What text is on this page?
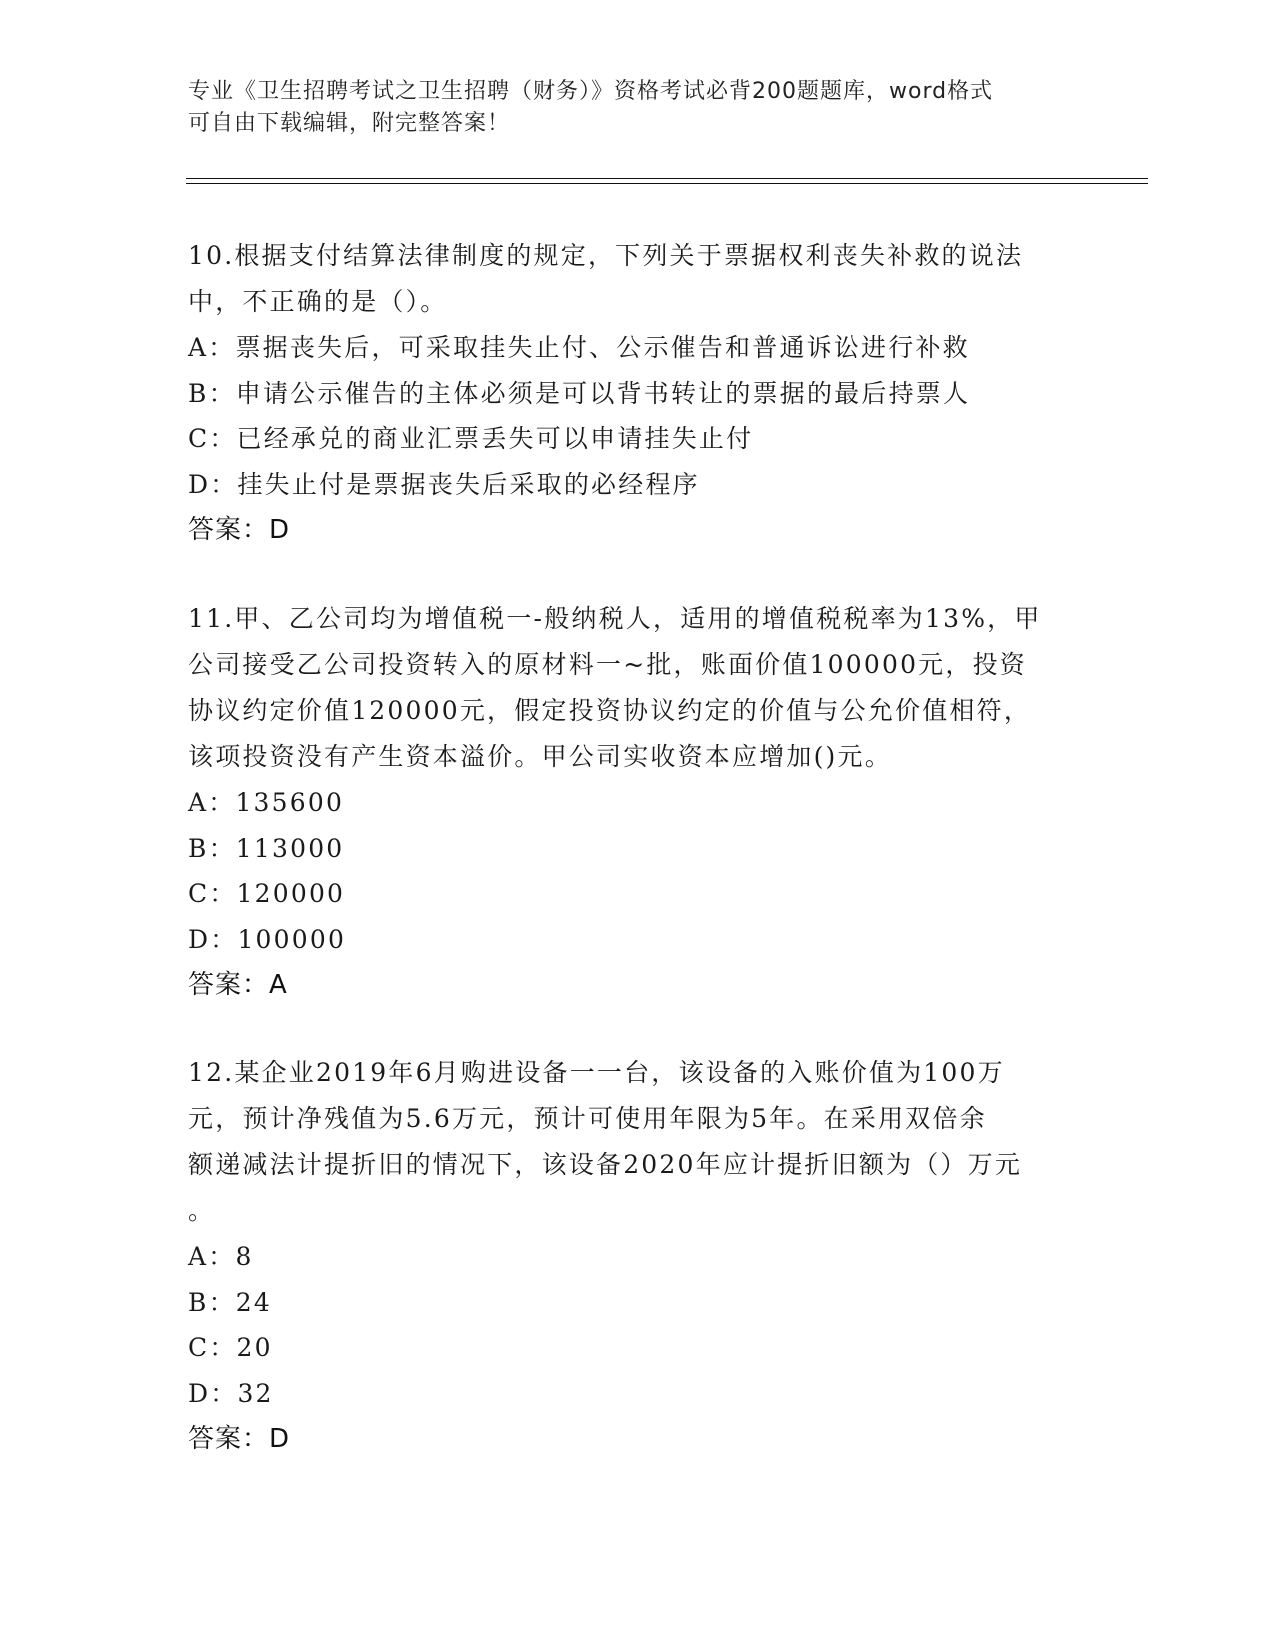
专业《卫生招聘考试之卫生招聘（财务）》资格考试必背200题题库，word格式
可自由下载编辑，附完整答案！
10.根据支付结算法律制度的规定，下列关于票据权利丧失补救的说法
中，不正确的是（）。
A：票据丧失后，可采取挂失止付、公示催告和普通诉讼进行补救
B：申请公示催告的主体必须是可以背书转让的票据的最后持票人
C：已经承兑的商业汇票丢失可以申请挂失止付
D：挂失止付是票据丧失后采取的必经程序
答案：D
11.甲、乙公司均为增值税一-般纳税人，适用的增值税税率为13%，甲
公司接受乙公司投资转入的原材料一~批，账面价值100000元，投资
协议约定价值120000元，假定投资协议约定的价值与公允价值相符，
该项投资没有产生资本溢价。甲公司实收资本应增加()元。
A：135600
B：113000
C：120000
D：100000
答案：A
12.某企业2019年6月购进设备一一台，该设备的入账价值为100万
元，预计净残值为5.6万元，预计可使用年限为5年。在采用双倍余
额递减法计提折旧的情况下，该设备2020年应计提折旧额为（）万元
。
A：8
B：24
C：20
D：32
答案：D
